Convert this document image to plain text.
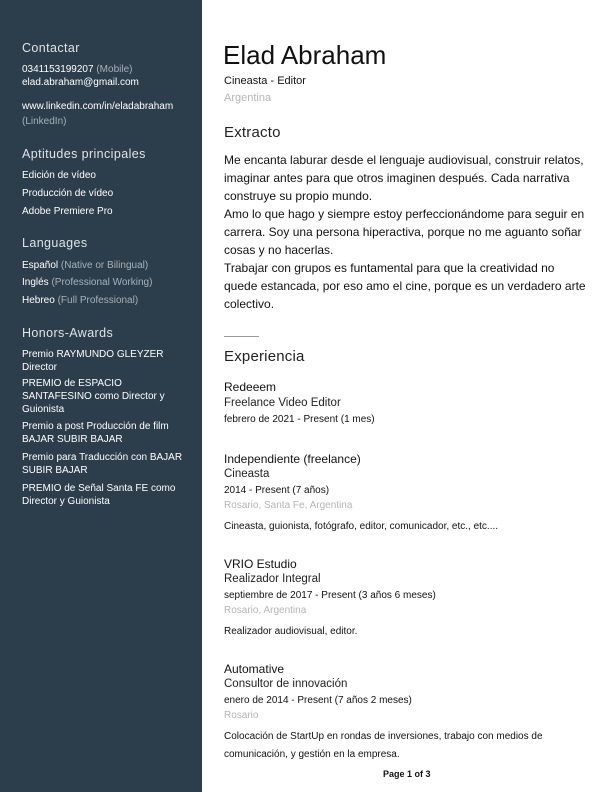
Contactar
0341153199207 (Mobile)
elad.abraham@gmail.com
www.linkedin.com/in/eladabraham
(LinkedIn)
Aptitudes principales
Edición de vídeo
Producción de vídeo
Adobe Premiere Pro
Languages
Español (Native or Bilingual)
Inglés (Professional Working)
Hebreo (Full Professional)
Honors-Awards
Premio RAYMUNDO GLEYZER Director
PREMIO de ESPACIO SANTAFESINO como Director y Guionista
Premio a post Producción de film BAJAR SUBIR BAJAR
Premio para Traducción con BAJAR SUBIR BAJAR
PREMIO de Señal Santa FE como Director y Guionista
Elad Abraham
Cineasta - Editor
Argentina
Extracto
Me encanta laburar desde el lenguaje audiovisual, construir relatos,
imaginar antes para que otros imaginen después. Cada narrativa
construye su propio mundo.
Amo lo que hago y siempre estoy perfeccionándome para seguir en
carrera. Soy una persona hiperactiva, porque no me aguanto soñar
cosas y no hacerlas.
Trabajar con grupos es funtamental para que la creatividad no
quede estancada, por eso amo el cine, porque es un verdadero arte
colectivo.
Experiencia
Redeeem
Freelance Video Editor
febrero de 2021 - Present (1 mes)
Independiente (freelance)
Cineasta
2014 - Present (7 años)
Rosario, Santa Fe, Argentina
Cineasta, guionista, fotógrafo, editor, comunicador, etc., etc....
VRIO Estudio
Realizador Integral
septiembre de 2017 - Present (3 años 6 meses)
Rosario, Argentina
Realizador audiovisual, editor.
Automative
Consultor de innovación
enero de 2014 - Present (7 años 2 meses)
Rosario
Colocación de StartUp en rondas de inversiones, trabajo con medios de
comunicación, y gestión en la empresa.
Page 1 of 3
